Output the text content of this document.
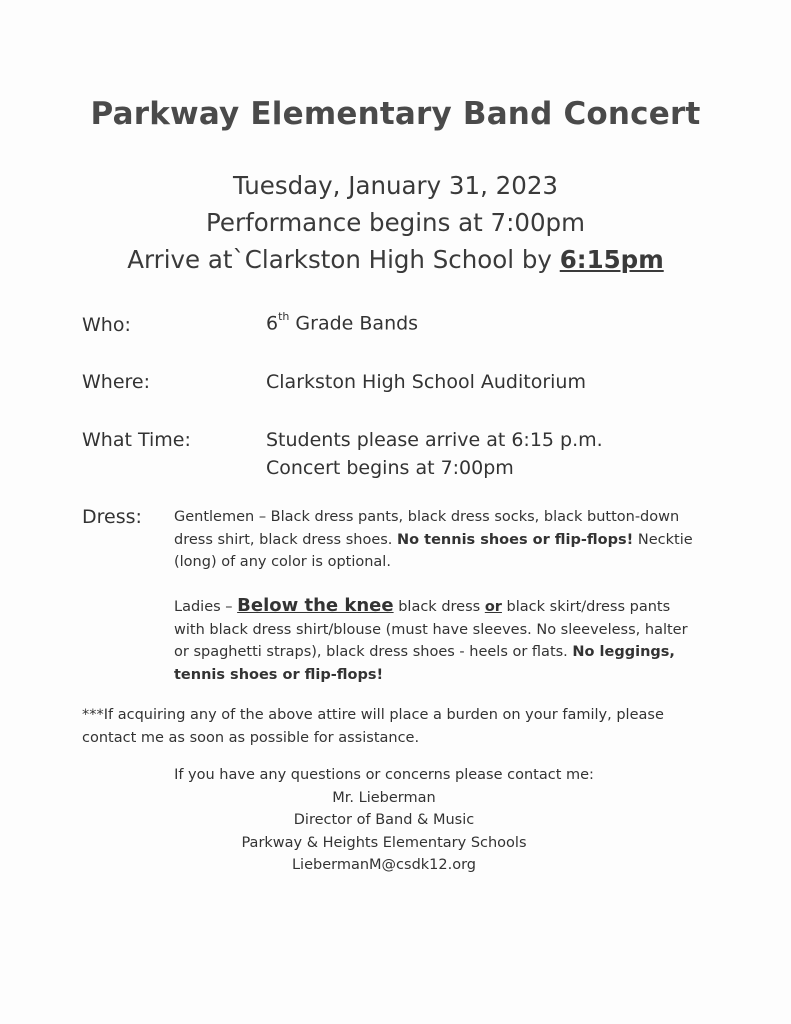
Parkway Elementary Band Concert
Tuesday, January 31, 2023
Performance begins at 7:00pm
Arrive at`Clarkston High School by 6:15pm
Who:	6th Grade Bands
Where:	Clarkston High School Auditorium
What Time:	Students please arrive at 6:15 p.m.
Concert begins at 7:00pm
Dress: Gentlemen – Black dress pants, black dress socks, black button-down dress shirt, black dress shoes. No tennis shoes or flip-flops! Necktie (long) of any color is optional.
Ladies – Below the knee black dress or black skirt/dress pants with black dress shirt/blouse (must have sleeves. No sleeveless, halter or spaghetti straps), black dress shoes - heels or flats. No leggings, tennis shoes or flip-flops!
***If acquiring any of the above attire will place a burden on your family, please contact me as soon as possible for assistance.
If you have any questions or concerns please contact me:
Mr. Lieberman
Director of Band & Music
Parkway & Heights Elementary Schools
LiebermanM@csdk12.org
